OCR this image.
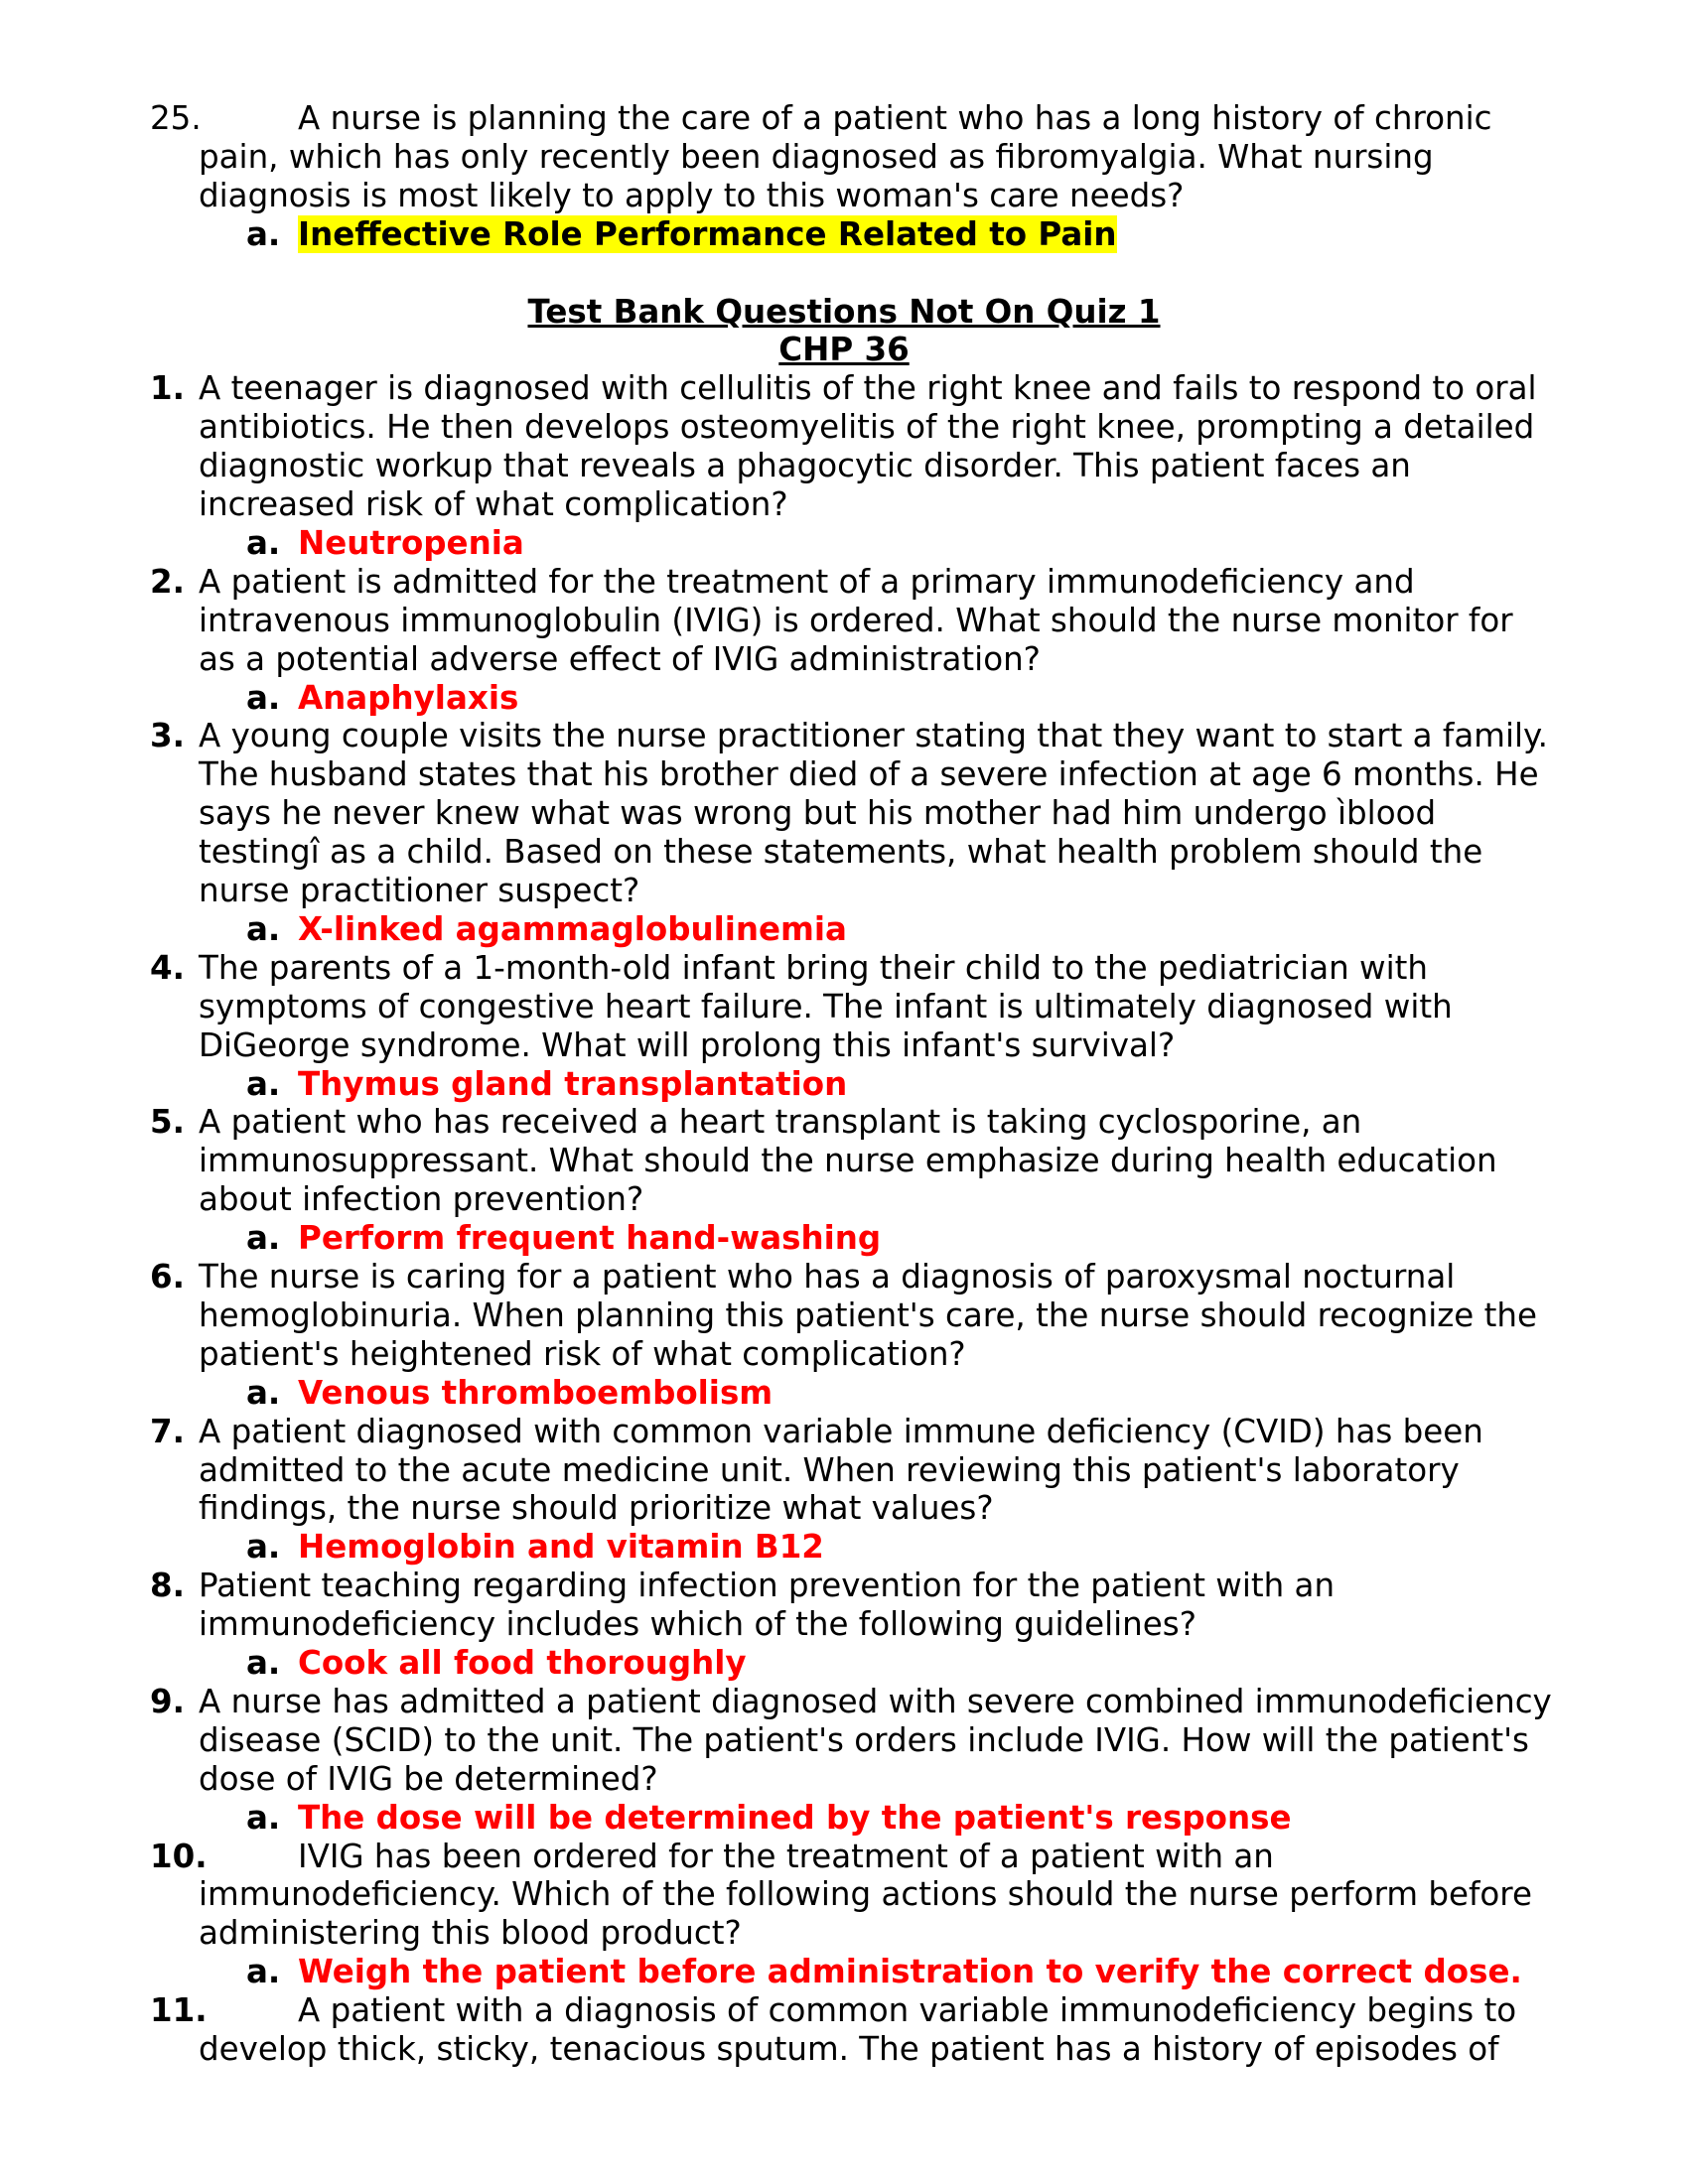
25.	A nurse is planning the care of a patient who has a long history of chronic
pain, which has only recently been diagnosed as fibromyalgia. What nursing
diagnosis is most likely to apply to this woman's care needs?
a. Ineffective Role Performance Related to Pain
Test Bank Questions Not On Quiz 1
CHP 36
1. A teenager is diagnosed with cellulitis of the right knee and fails to respond to oral
antibiotics. He then develops osteomyelitis of the right knee, prompting a detailed
diagnostic workup that reveals a phagocytic disorder. This patient faces an
increased risk of what complication?
a. Neutropenia
2. A patient is admitted for the treatment of a primary immunodeficiency and
intravenous immunoglobulin (IVIG) is ordered. What should the nurse monitor for
as a potential adverse effect of IVIG administration?
a. Anaphylaxis
3. A young couple visits the nurse practitioner stating that they want to start a family.
The husband states that his brother died of a severe infection at age 6 months. He
says he never knew what was wrong but his mother had him undergo ìblood
testingî as a child. Based on these statements, what health problem should the
nurse practitioner suspect?
a. X-linked agammaglobulinemia
4. The parents of a 1-month-old infant bring their child to the pediatrician with
symptoms of congestive heart failure. The infant is ultimately diagnosed with
DiGeorge syndrome. What will prolong this infant's survival?
a. Thymus gland transplantation
5. A patient who has received a heart transplant is taking cyclosporine, an
immunosuppressant. What should the nurse emphasize during health education
about infection prevention?
a. Perform frequent hand-washing
6. The nurse is caring for a patient who has a diagnosis of paroxysmal nocturnal
hemoglobinuria. When planning this patient's care, the nurse should recognize the
patient's heightened risk of what complication?
a. Venous thromboembolism
7. A patient diagnosed with common variable immune deficiency (CVID) has been
admitted to the acute medicine unit. When reviewing this patient's laboratory
findings, the nurse should prioritize what values?
a. Hemoglobin and vitamin B12
8. Patient teaching regarding infection prevention for the patient with an
immunodeficiency includes which of the following guidelines?
a. Cook all food thoroughly
9. A nurse has admitted a patient diagnosed with severe combined immunodeficiency
disease (SCID) to the unit. The patient's orders include IVIG. How will the patient's
dose of IVIG be determined?
a. The dose will be determined by the patient's response
10.	IVIG has been ordered for the treatment of a patient with an
immunodeficiency. Which of the following actions should the nurse perform before
administering this blood product?
a. Weigh the patient before administration to verify the correct dose.
11.	A patient with a diagnosis of common variable immunodeficiency begins to
develop thick, sticky, tenacious sputum. The patient has a history of episodes of
